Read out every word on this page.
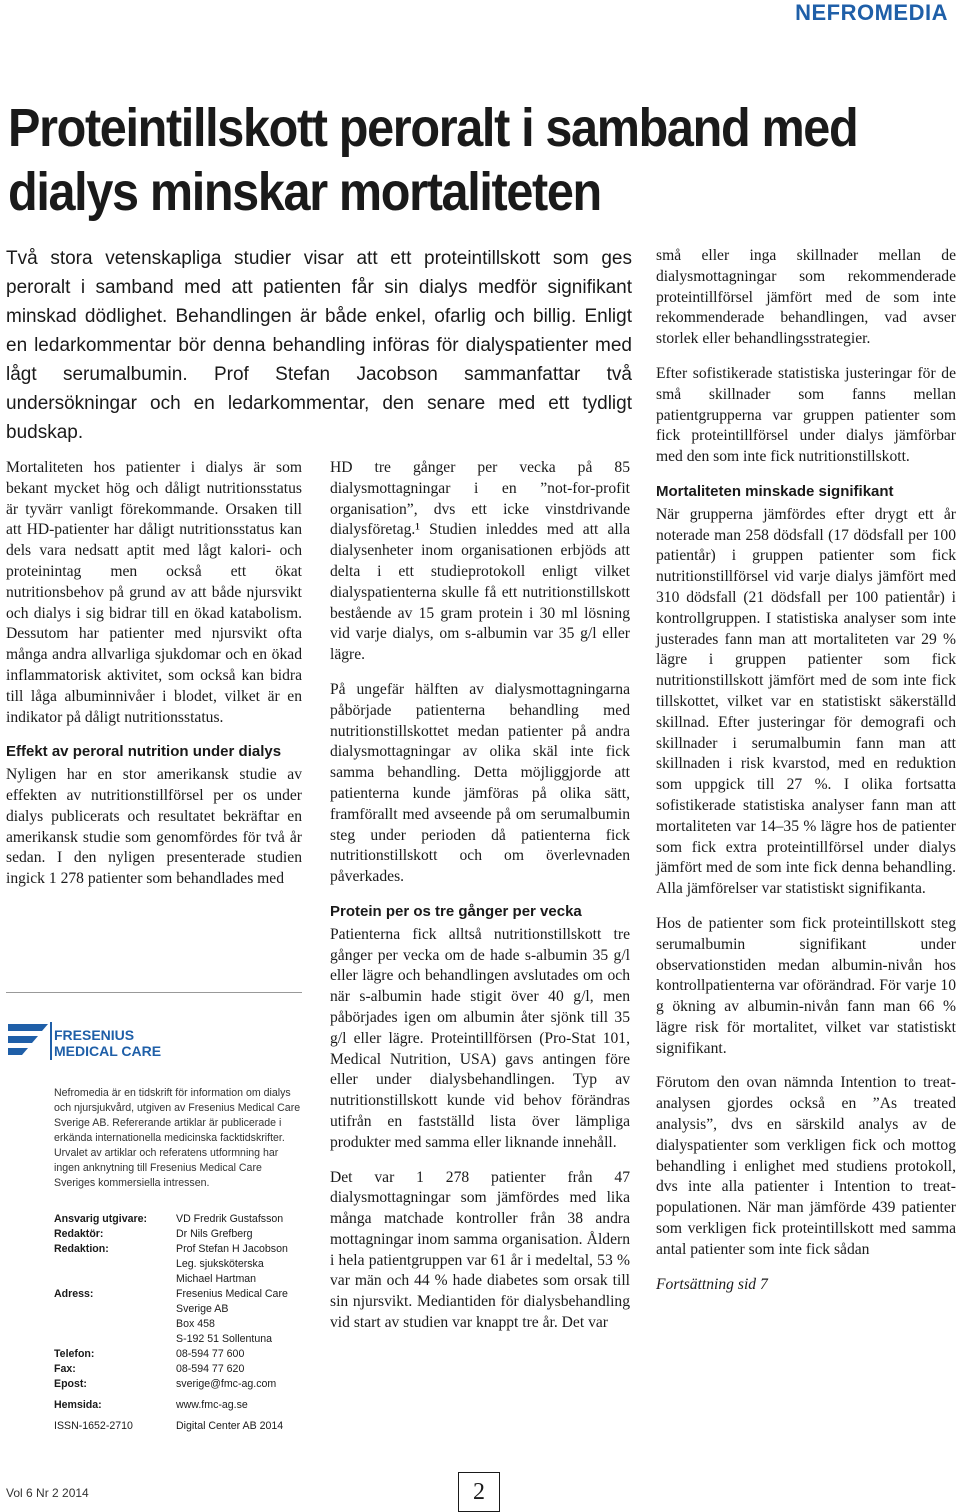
NEFROMEDIA
Proteintillskott peroralt i samband med dialys minskar mortaliteten

Två stora vetenskapliga studier visar att ett proteintillskott som ges peroralt i samband med att patienten får sin dialys medför signifikant minskad dödlighet. Behandlingen är både enkel, ofarlig och billig. Enligt en ledarkommentar bör denna behandling införas för dialyspatienter med lågt serumalbumin. Prof Stefan Jacobson sammanfattar två undersökningar och en ledarkommentar, den senare med ett tydligt budskap.

Mortaliteten hos patienter i dialys är som bekant mycket hög och dåligt nutritionsstatus är tyvärr vanligt förekommande. Orsaken till att HD-patienter har dåligt nutritionsstatus kan dels vara nedsatt aptit med lågt kalori- och proteinintag men också ett ökat nutritionsbehov på grund av att både njursvikt och dialys i sig bidrar till en ökad katabolism. Dessutom har patienter med njursvikt ofta många andra allvarliga sjukdomar och en ökad inflammatorisk aktivitet, som också kan bidra till låga albuminnivåer i blodet, vilket är en indikator på dåligt nutritionsstatus.

Effekt av peroral nutrition under dialys

Nyligen har en stor amerikansk studie av effekten av nutritionstillförsel per os under dialys publicerats och resultatet bekräftar en amerikansk studie som genomfördes för två år sedan. I den nyligen presenterade studien ingick 1 278 patienter som behandlades med

HD tre gånger per vecka på 85 dialysmottagningar i en ”not-for-profit organisation”, dvs ett icke vinstdrivande dialysföretag.¹ Studien inleddes med att alla dialysenheter inom organisationen erbjöds att delta i ett studieprotokoll enligt vilket dialyspatienterna skulle få ett nutritionstillskott bestående av 15 gram protein i 30 ml lösning vid varje dialys, om s-albumin var 35 g/l eller lägre.

På ungefär hälften av dialysmottagningarna påbörjade patienterna behandling med nutritionstillskottet medan patienter på andra dialysmottagningar av olika skäl inte fick samma behandling. Detta möjliggjorde att patienterna kunde jämföras på olika sätt, framförallt med avseende på om serumalbumin steg under perioden då patienterna fick nutritionstillskott och om överlevnaden påverkades.

Protein per os tre gånger per vecka

Patienterna fick alltså nutritionstillskott tre gånger per vecka om de hade s-albumin 35 g/l eller lägre och behandlingen avslutades om och när s-albumin hade stigit över 40 g/l, men påbörjades igen om albumin åter sjönk till 35 g/l eller lägre. Proteintillförsen (Pro-Stat 101, Medical Nutrition, USA) gavs antingen före eller under dialysbehandlingen. Typ av nutritionstillskott kunde vid behov förändras utifrån en fastställd lista över lämpliga produkter med samma eller liknande innehåll.

Det var 1 278 patienter från 47 dialysmottagningar som jämfördes med lika många matchade kontroller från 38 andra mottagningar inom samma organisation. Åldern i hela patientgruppen var 61 år i medeltal, 53 % var män och 44 % hade diabetes som orsak till sin njursvikt. Mediantiden för dialysbehandling vid start av studien var knappt tre år. Det var

små eller inga skillnader mellan de dialysmottagningar som rekommenderade proteintillförsel jämfört med de som inte rekommenderade behandlingen, vad avser storlek eller behandlingsstrategier.

Efter sofistikerade statistiska justeringar för de små skillnader som fanns mellan patientgrupperna var gruppen patienter som fick proteintillförsel under dialys jämförbar med den som inte fick nutritionstillskott.

Mortaliteten minskade signifikant

När grupperna jämfördes efter drygt ett år noterade man 258 dödsfall (17 dödsfall per 100 patientår) i gruppen patienter som fick nutritionstillförsel vid varje dialys jämfört med 310 dödsfall (21 dödsfall per 100 patientår) i kontrollgruppen. I statistiska analyser som inte justerades fann man att mortaliteten var 29 % lägre i gruppen patienter som fick nutritionstillskott jämfört med de som inte fick tillskottet, vilket var en statistiskt säkerställd skillnad. Efter justeringar för demografi och skillnader i serumalbumin fann man att skillnaden i risk kvarstod, med en reduktion som uppgick till 27 %. I olika fortsatta sofistikerade statistiska analyser fann man att mortaliteten var 14–35 % lägre hos de patienter som fick extra proteintillförsel under dialys jämfört med de som inte fick denna behandling. Alla jämförelser var statistiskt signifikanta.

Hos de patienter som fick proteintillskott steg serumalbumin signifikant under observationstiden medan albumin-nivån hos kontrollpatienterna var oförändrad. För varje 10 g ökning av albumin-nivån fann man 66 % lägre risk för mortalitet, vilket var statistiskt signifikant.

Förutom den ovan nämnda Intention to treat-analysen gjordes också en ”As treated analysis”, dvs en särskild analys av de dialyspatienter som verkligen fick och mottog behandling i enlighet med studiens protokoll, dvs inte alla patienter i Intention to treat-populationen. När man jämförde 439 patienter som verkligen fick proteintillskott med samma antal patienter som inte fick sådan

Fortsättning sid 7

FRESENIUS
MEDICAL CARE

Nefromedia är en tidskrift för information om dialys och njursjukvård, utgiven av Fresenius Medical Care Sverige AB. Refererande artiklar är publicerade i erkända internationella medicinska facktidskrifter. Urvalet av artiklar och referatens utformning har ingen anknytning till Fresenius Medical Care Sveriges kommersiella intressen.

Ansvarig utgivare:	VD Fredrik Gustafsson
Redaktör:	Dr Nils Grefberg
Redaktion:	Prof Stefan H Jacobson
Leg. sjuksköterska
Michael Hartman
Adress:	Fresenius Medical Care
Sverige AB
Box 458
S-192 51 Sollentuna
Telefon:	08-594 77 600
Fax:	08-594 77 620
Epost:	sverige@fmc-ag.com
Hemsida:	www.fmc-ag.se
ISSN-1652-2710	Digital Center AB 2014
Vol 6 Nr 2 2014	2
